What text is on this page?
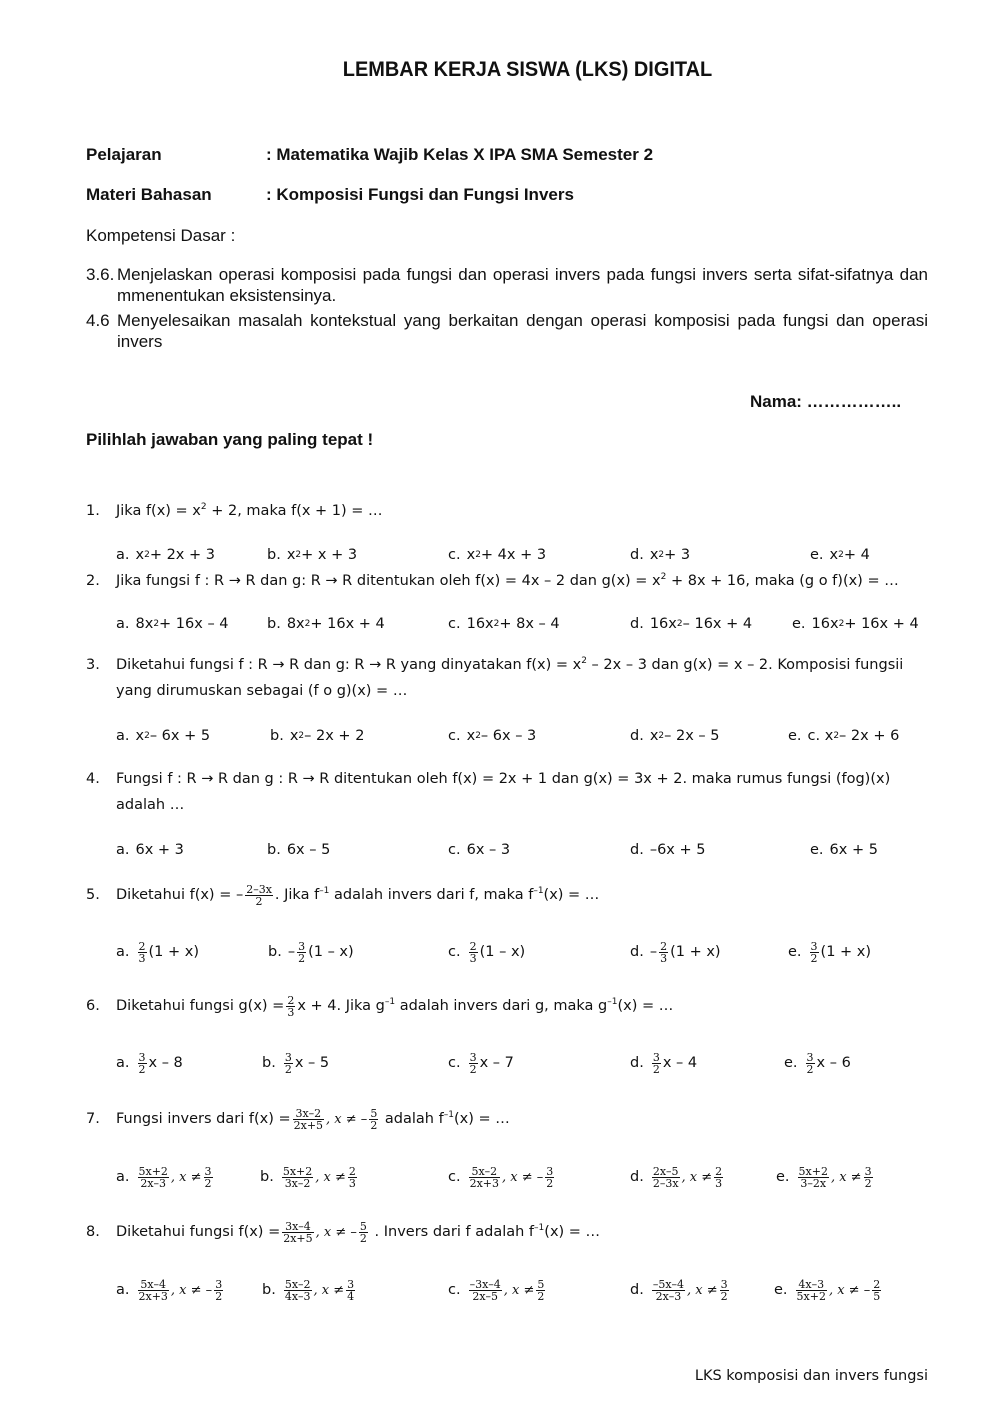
LEMBAR KERJA SISWA (LKS) DIGITAL
Pelajaran	: Matematika Wajib Kelas X IPA SMA Semester 2
Materi Bahasan	: Komposisi Fungsi dan Fungsi Invers
Kompetensi Dasar :
3.6. Menjelaskan operasi komposisi pada fungsi dan operasi invers pada fungsi invers serta sifat-sifatnya dan mmenentukan eksistensinya.
4.6 Menyelesaikan masalah kontekstual yang berkaitan dengan operasi komposisi pada fungsi dan operasi invers
Nama: ……………..
Pilihlah jawaban yang paling tepat !
1. Jika $f(x) = x^2 + 2$, maka f(x + 1) = …
a. x 2 + 2x + 3	b. x 2 + x + 3	c. x 2 + 4x + 3	d. x 2 + 3	e. x 2 + 4
2. Jika fungsi f : R → R dan g: R → R ditentukan oleh f(x) = 4x – 2 dan $g(x) = x^2 + 8x + 16$, maka (g ο f)(x) = …
a. 8x 2 + 16x – 4	b. 8x 2 + 16x + 4	c. 16x 2 + 8x – 4	d. 16x 2 – 16x + 4	e. 16x 2 + 16x + 4
3. Diketahui fungsi f : R → R dan g: R → R yang dinyatakan $f(x) = x^2 - 2x - 3$ dan g(x) = x – 2. Komposisi fungsii yang dirumuskan sebagai (f ο g)(x) = …
a. x 2 – 6x + 5	b. x 2 – 2x + 2	c. x 2 – 6x – 3	d. x 2 – 2x – 5	e. c. x 2 – 2x + 6
4. Fungsi f : R → R dan g : R → R ditentukan oleh f(x) = 2x + 1 dan g(x) = 3x + 2. maka rumus fungsi (fοg)(x) adalah …
a. 6x + 3	b. 6x – 5	c. 6x – 3	d. –6x + 5	e. 6x + 5
5. Diketahui f(x) = – $\frac{2-3x}{2}$ . Jika $f^{-1}$ adalah invers dari f, maka $f^{-1}(x)$ = …
a. $\frac{2}{3} (1 + x)$	b. – $\frac{3}{2} (1 - x)$	c. $\frac{2}{3} (1 - x)$	d. – $\frac{2}{3} (1 + x)$	e. $\frac{3}{2} (1 + x)$
6. Diketahui fungsi $g(x) = \frac{2}{3}$ x + 4. Jika $g^{-1}$ adalah invers dari g, maka $g^{-1}(x)$ = …
a. $\frac{3}{2}$ x – 8	b. $\frac{3}{2}$ x – 5	c. $\frac{3}{2}$ x – 7	d. $\frac{3}{2}$ x – 4	e. $\frac{3}{2}$ x – 6
7. Fungsi invers dari $f(x) = \frac{3x-2}{2x+5}$ , x ≠ – $\frac{5}{2}$ adalah $f^{-1}(x)$ = …
a. $\frac{5x+2}{2x-3}$ , $x \ne \frac{3}{2}$	b. $\frac{5x+2}{3x-2}$ , $x \ne \frac{2}{3}$	c. $\frac{5x-2}{2x+3}$ , x ≠ – $\frac{3}{2}$	d. $\frac{2x-5}{2-3x}$ , $x \ne \frac{2}{3}$	e. $\frac{5x+2}{3-2x}$ , $x \ne \frac{3}{2}$
8. Diketahui fungsi $f(x) = \frac{3x-4}{2x+5}$ , x ≠ – $\frac{5}{2}$ . Invers dari f adalah $f^{-1}(x)$ = …
a. $\frac{5x-4}{2x+3}$ , x ≠ – $\frac{3}{2}$	b. $\frac{5x-2}{4x-3}$ , $x \ne \frac{3}{4}$	c. $\frac{-3x-4}{2x-5}$ , $x \ne \frac{5}{2}$	d. $\frac{-5x-4}{2x-3}$ , $x \ne \frac{3}{2}$	e. $\frac{4x-3}{5x+2}$ , x ≠ – $\frac{2}{5}$
LKS komposisi dan invers fungsi
